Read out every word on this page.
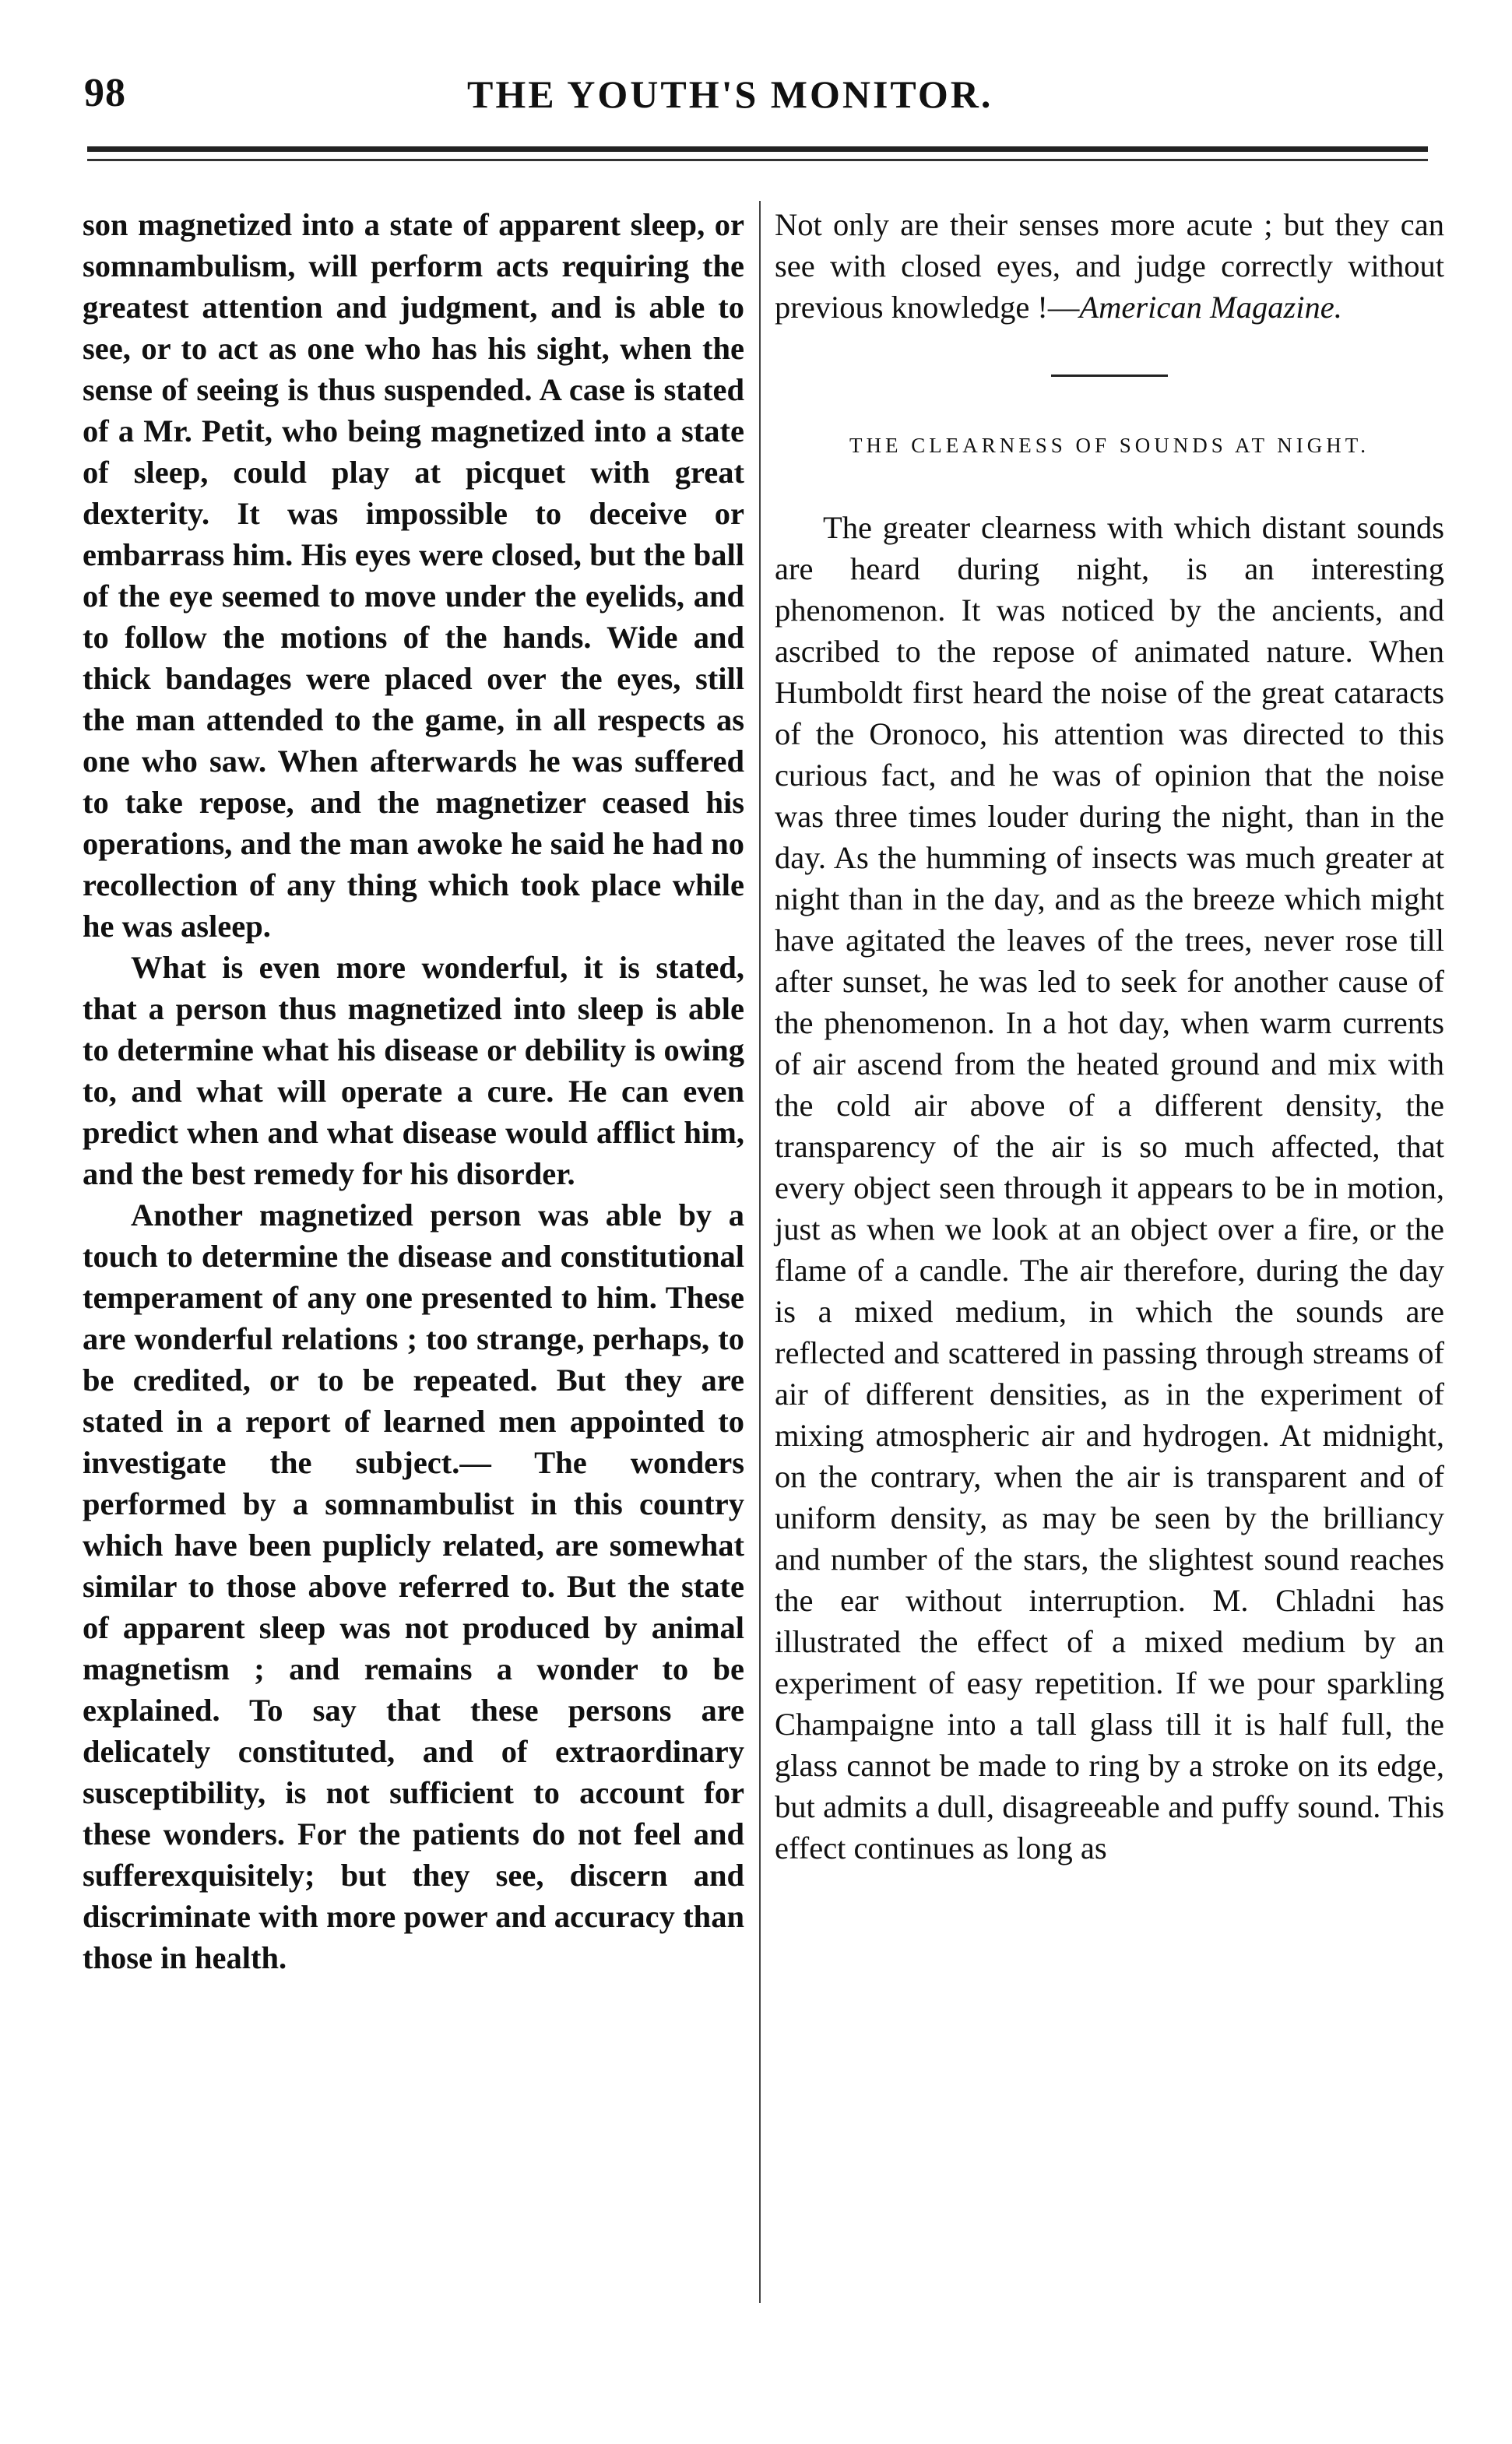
98	THE YOUTH'S MONITOR.

son magnetized into a state of apparent sleep, or somnambulism, will perform acts requiring the greatest attention and judgment, and is able to see, or to act as one who has his sight, when the sense of seeing is thus suspended. A case is stated of a Mr. Petit, who being magnetized into a state of sleep, could play at picquet with great dexterity. It was impossible to deceive or embarrass him. His eyes were closed, but the ball of the eye seemed to move under the eyelids, and to follow the motions of the hands. Wide and thick bandages were placed over the eyes, still the man attended to the game, in all respects as one who saw. When afterwards he was suffered to take repose, and the magnetizer ceased his operations, and the man awoke he said he had no recollection of any thing which took place while he was asleep.

What is even more wonderful, it is stated, that a person thus magnetized into sleep is able to determine what his disease or debility is owing to, and what will operate a cure. He can even predict when and what disease would afflict him, and the best remedy for his disorder.

Another magnetized person was able by a touch to determine the disease and constitutional temperament of any one presented to him. These are wonderful relations ; too strange, perhaps, to be credited, or to be repeated. But they are stated in a report of learned men appointed to investigate the subject.— The wonders performed by a somnambulist in this country which have been puplicly related, are somewhat similar to those above referred to. But the state of apparent sleep was not produced by animal magnetism ; and remains a wonder to be explained. To say that these persons are delicately constituted, and of extraordinary susceptibility, is not sufficient to account for these wonders. For the patients do not feel and sufferexquisitely; but they see, discern and discriminate with more power and accuracy than those in health.

Not only are their senses more acute ; but they can see with closed eyes, and judge correctly without previous knowledge !—American Magazine.

THE CLEARNESS OF SOUNDS AT NIGHT.

The greater clearness with which distant sounds are heard during night, is an interesting phenomenon. It was noticed by the ancients, and ascribed to the repose of animated nature. When Humboldt first heard the noise of the great cataracts of the Oronoco, his attention was directed to this curious fact, and he was of opinion that the noise was three times louder during the night, than in the day. As the humming of insects was much greater at night than in the day, and as the breeze which might have agitated the leaves of the trees, never rose till after sunset, he was led to seek for another cause of the phenomenon. In a hot day, when warm currents of air ascend from the heated ground and mix with the cold air above of a different density, the transparency of the air is so much affected, that every object seen through it appears to be in motion, just as when we look at an object over a fire, or the flame of a candle. The air therefore, during the day is a mixed medium, in which the sounds are reflected and scattered in passing through streams of air of different densities, as in the experiment of mixing atmospheric air and hydrogen. At midnight, on the contrary, when the air is transparent and of uniform density, as may be seen by the brilliancy and number of the stars, the slightest sound reaches the ear without interruption. M. Chladni has illustrated the effect of a mixed medium by an experiment of easy repetition. If we pour sparkling Champaigne into a tall glass till it is half full, the glass cannot be made to ring by a stroke on its edge, but admits a dull, disagreeable and puffy sound. This effect continues as long as
